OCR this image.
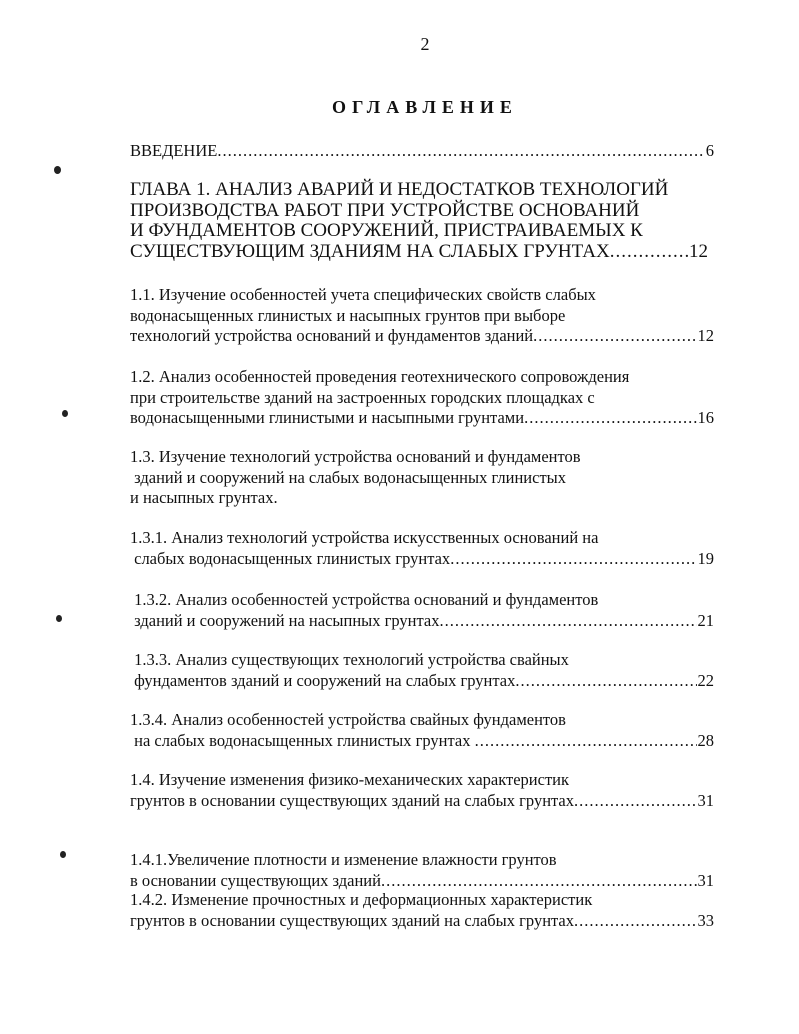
2
ОГЛАВЛЕНИЕ
ВВЕДЕНИЕ .....	6
ГЛАВА 1. АНАЛИЗ АВАРИЙ И НЕДОСТАТКОВ ТЕХНОЛОГИЙ
ПРОИЗВОДСТВА РАБОТ ПРИ УСТРОЙСТВЕ ОСНОВАНИЙ
И ФУНДАМЕНТОВ СООРУЖЕНИЙ, ПРИСТРАИВАЕМЫХ К
СУЩЕСТВУЮЩИМ ЗДАНИЯМ НА СЛАБЫХ ГРУНТАХ .....	12
1.1. Изучение особенностей учета специфических свойств слабых
водонасыщенных глинистых и насыпных грунтов при выборе
технологий устройства оснований и фундаментов зданий .....	12
1.2. Анализ особенностей проведения геотехнического сопровождения
при строительстве зданий на застроенных городских площадках с
водонасыщенными глинистыми и насыпными грунтами .....	16
1.3. Изучение технологий устройства оснований и фундаментов
зданий и сооружений на слабых водонасыщенных глинистых
и насыпных грунтах.
1.3.1. Анализ технологий устройства искусственных оснований на
слабых водонасыщенных глинистых грунтах .....	19
1.3.2. Анализ особенностей устройства оснований и фундаментов
зданий и сооружений на насыпных грунтах .....	21
1.3.3. Анализ существующих технологий устройства свайных
фундаментов зданий и сооружений на слабых грунтах .....	22
1.3.4. Анализ особенностей устройства свайных фундаментов
на слабых водонасыщенных глинистых грунтах .....	28
1.4. Изучение изменения физико-механических характеристик
грунтов в основании существующих зданий на слабых грунтах .....	31
1.4.1.Увеличение плотности и изменение влажности грунтов
в основании существующих зданий .....	31
1.4.2. Изменение прочностных и деформационных характеристик
грунтов в основании существующих зданий на слабых грунтах .....	33
